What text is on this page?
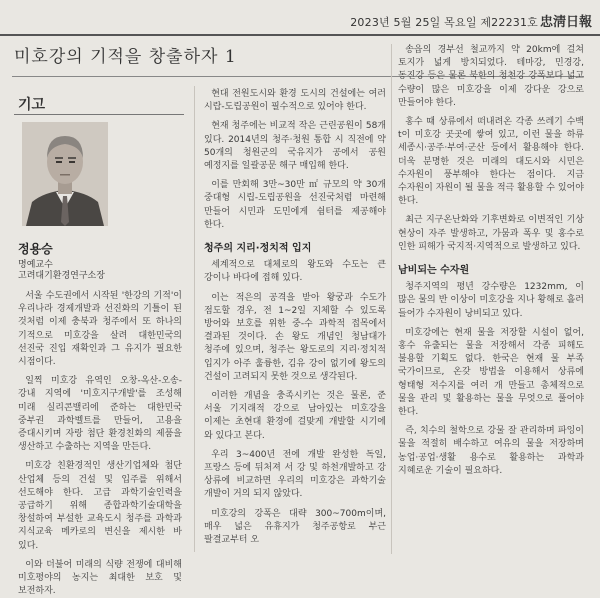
2023년 5월 25일 목요일 제22231호 忠淸日報
미호강의 기적을 창출하자 1
기고
정용승
명예교수
고려대기환경연구소장

서울 수도권에서 시작된 '한강의 기적'이 우리나라 경제개발과 선진화의 기틀이 된 것처럼 이제 충북과 청주에서 또 하나의 기적으로 미호강을 살려 대한민국의 선진국 진입 재확인과 그 유지가 필요한 시점이다.

일찍 미호강 유역인 오창-옥산-오송-강내 지역에 '미호지구개발'를 조성해 미래 실리콘밸리에 준하는 대한민국 중부권 과학벨트를 만들어, 고용을 증대시키며 자랑 첨단 환경친화의 제품을 생산하고 수출하는 지역을 만든다.

미호강 친환경적인 생산기업체와 첨단 산업체 등의 건설 및 입주를 위해서 선도해야 한다. 고급 과학기술인력을 공급하기 위해 종합과학기술대학을 창설하여 부설한 교육도시 청주를 과학과 지식교육 메카로의 변신을 제시한 바 있다.

이와 더불어 미래의 식량 전쟁에 대비해 미호평야의 농지는 최대한 보호 및 보전하자.

현대 전원도시와 환경 도시의 건설에는 여러 시랍-도립공원이 필수적으로 있어야 한다.

현재 청주에는 비교적 작은 근린공원이 58개 있다. 2014년의 청주·청원 통합 시 직전에 약 50개의 청원군의 국유지가 공에서 공원 예정지를 일괄공문 해구 매입해 한다.

이를 만회해 3만~30만 ㎡ 규모의 약 30개 중대형 시립-도립공원을 선진국처럼 마련해 만들어 시민과 도민에게 쉼터를 제공해야 한다.

청주의 지리·정치적 입지

세계적으로 대체로의 왕도와 수도는 큰 강이나 바다에 접해 있다.

이는 적은의 공격을 받아 왕궁과 수도가 점도할 경우, 전 1~2일 지체할 수 있도록 방어와 보호를 위한 중-수 과학적 접목에서 결과된 것이다. 손 왕도 개념인 청남대가 청주에 있으며, 청주는 왕도로의 지리·정치적 입지가 아주 훌륭한, 김유 강이 없기에 왕도의 건설이 고려되지 못한 것으로 생각된다.

이러한 개념을 충족시키는 것은 물론, 준 서울 기지래적 강으로 남아있는 미호강을 이제는 초현대 환경에 걸맞게 개발할 시기에 와 있다고 본다.

우리 3~400년 전에 개발 완성한 독일, 프랑스 등에 뒤처져 서 강 및 하천개발하고 강 상류에 비교하면 우리의 미호강은 과학기술 개발이 거의 되지 않았다.

미호강의 강폭은 대략 300~700m이며, 매우 넓은 유휴지가 청주공항로 부근 팔결교부터 오

송읍의 경부선 철교까지 약 20km에 걸쳐 토지가 넓게 방치되었다. 테마강, 민경강, 동진강 등은 물론 북한의 청천강 강폭보다 넓고 수량이 많은 미호강을 이제 강다운 강으로 만들어야 한다.

홍수 때 상류에서 떠내려온 각종 쓰레기 수백 t이 미호강 곳곳에 쌓여 있고, 이런 물을 하류 세종시·공주·부여·군산 등에서 활용해야 한다. 더욱 분명한 것은 미래의 대도시와 시민은 수자원이 풍부해야 한다는 점이다. 지금 수자원이 자원이 될 물을 적극 활용할 수 있어야 한다.

최근 지구온난화와 기후변화로 이변적인 기상 현상이 자주 발생하고, 가뭄과 폭우 및 홍수로 인한 피해가 국지적·지역적으로 발생하고 있다.

남비되는 수자원

청주지역의 평년 강수량은 1232mm, 이 많은 물의 반 이상이 미호강을 지나 황해로 흘러 들어가 수자원이 낭비되고 있다.

미호강에는 현재 물을 저장할 시설이 없어, 홍수 유출되는 물을 저장해서 각종 피해도 불용할 기획도 없다. 한국은 현재 물 부족 국가이므로, 온갖 방법을 이용해서 상류에 형태형 저수지를 여러 개 만들고 총체적으로 물을 관리 및 활용하는 물을 무엇으로 풀어야 한다.

즉, 치수의 철학으로 강물 잘 관리하며 파잉이 물을 적절히 배수하고 여유의 물을 저장하며 농업·공업·생활 용수로 활용하는 과학과 지혜로운 기술이 필요하다.
